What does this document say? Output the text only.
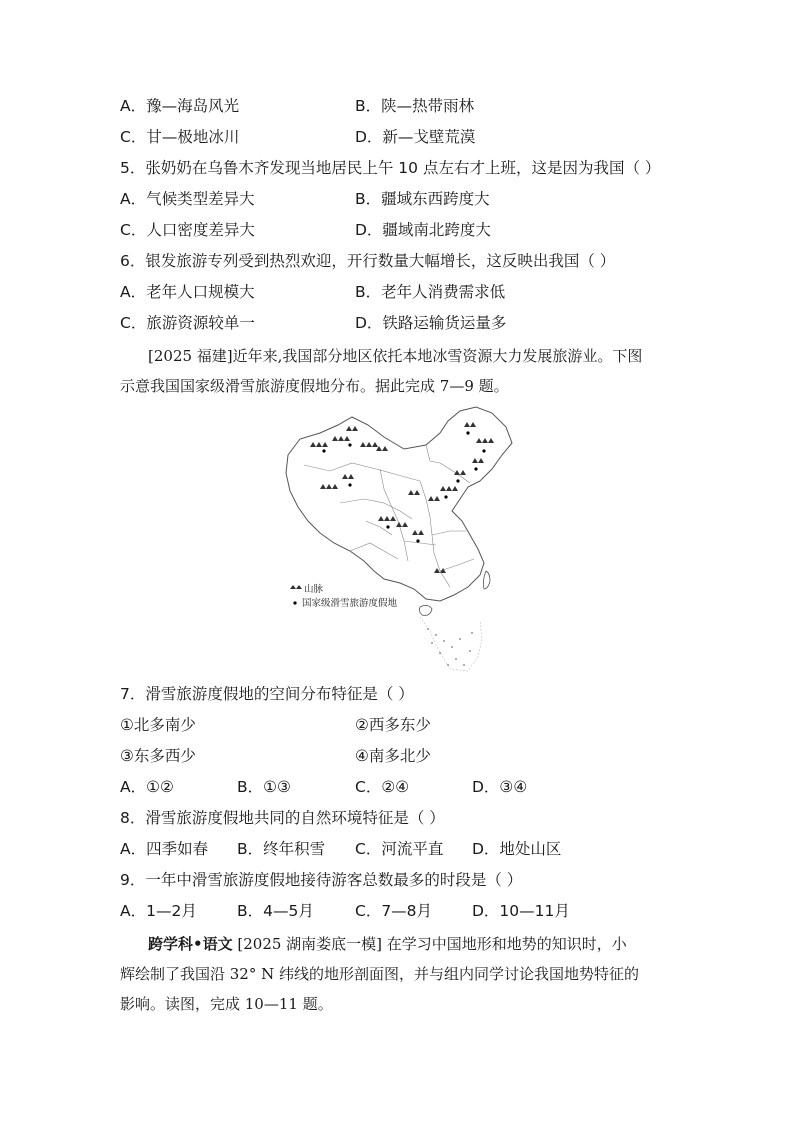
A．豫—海岛风光	B．陕—热带雨林
C．甘—极地冰川	D．新—戈壁荒漠
5．张奶奶在乌鲁木齐发现当地居民上午 10 点左右才上班，这是因为我国（ ）
A．气候类型差异大	B．疆域东西跨度大
C．人口密度差异大	D．疆域南北跨度大
6．银发旅游专列受到热烈欢迎，开行数量大幅增长，这反映出我国（ ）
A．老年人口规模大	B．老年人消费需求低
C．旅游资源较单一	D．铁路运输货运量多
[2025 福建]近年来,我国部分地区依托本地冰雪资源大力发展旅游业。下图
示意我国国家级滑雪旅游度假地分布。据此完成 7—9 题。
山脉
国家级滑雪旅游度假地
7．滑雪旅游度假地的空间分布特征是（ ）
①北多南少	②西多东少
③东多西少	④南多北少
A．①②	B．①③	C．②④	D．③④
8．滑雪旅游度假地共同的自然环境特征是（ ）
A．四季如春 B．终年积雪 C．河流平直 D．地处山区
9．一年中滑雪旅游度假地接待游客总数最多的时段是（ ）
A．1—2月	B．4—5月	C．7—8月	D．10—11月
跨学科•语文 [2025 湖南娄底一模] 在学习中国地形和地势的知识时，小
辉绘制了我国沿 32° N 纬线的地形剖面图，并与组内同学讨论我国地势特征的
影响。读图，完成 10—11 题。
